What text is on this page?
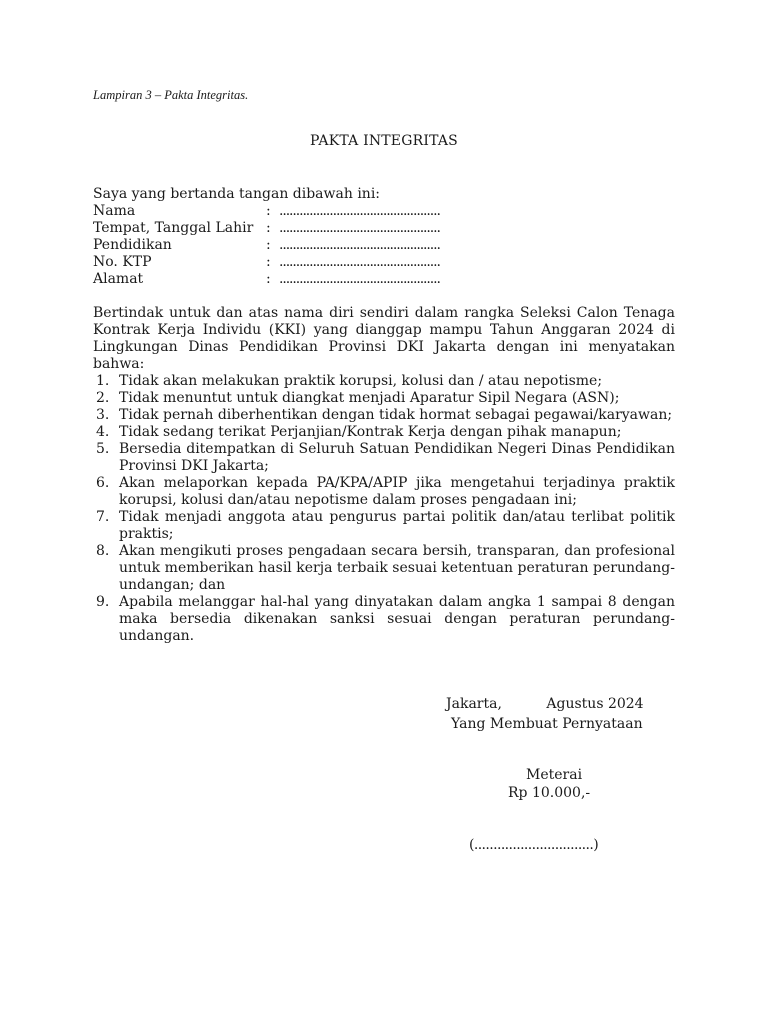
Lampiran 3 – Pakta Integritas.
PAKTA INTEGRITAS
Saya yang bertanda tangan dibawah ini:
Nama	: ................................................
Tempat, Tanggal Lahir : ................................................
Pendidikan	: ................................................
No. KTP	: ................................................
Alamat	: ................................................
Bertindak untuk dan atas nama diri sendiri dalam rangka Seleksi Calon Tenaga Kontrak Kerja Individu (KKI) yang dianggap mampu Tahun Anggaran 2024 di Lingkungan Dinas Pendidikan Provinsi DKI Jakarta dengan ini menyatakan bahwa:
1. Tidak akan melakukan praktik korupsi, kolusi dan / atau nepotisme;
2. Tidak menuntut untuk diangkat menjadi Aparatur Sipil Negara (ASN);
3. Tidak pernah diberhentikan dengan tidak hormat sebagai pegawai/karyawan;
4. Tidak sedang terikat Perjanjian/Kontrak Kerja dengan pihak manapun;
5. Bersedia ditempatkan di Seluruh Satuan Pendidikan Negeri Dinas Pendidikan Provinsi DKI Jakarta;
6. Akan melaporkan kepada PA/KPA/APIP jika mengetahui terjadinya praktik korupsi, kolusi dan/atau nepotisme dalam proses pengadaan ini;
7. Tidak menjadi anggota atau pengurus partai politik dan/atau terlibat politik praktis;
8. Akan mengikuti proses pengadaan secara bersih, transparan, dan profesional untuk memberikan hasil kerja terbaik sesuai ketentuan peraturan perundang-undangan; dan
9. Apabila melanggar hal-hal yang dinyatakan dalam angka 1 sampai 8 dengan maka bersedia dikenakan sanksi sesuai dengan peraturan perundang- undangan.
Jakarta,          Agustus 2024
Yang Membuat Pernyataan
Meterai
Rp 10.000,-
(...............................)
